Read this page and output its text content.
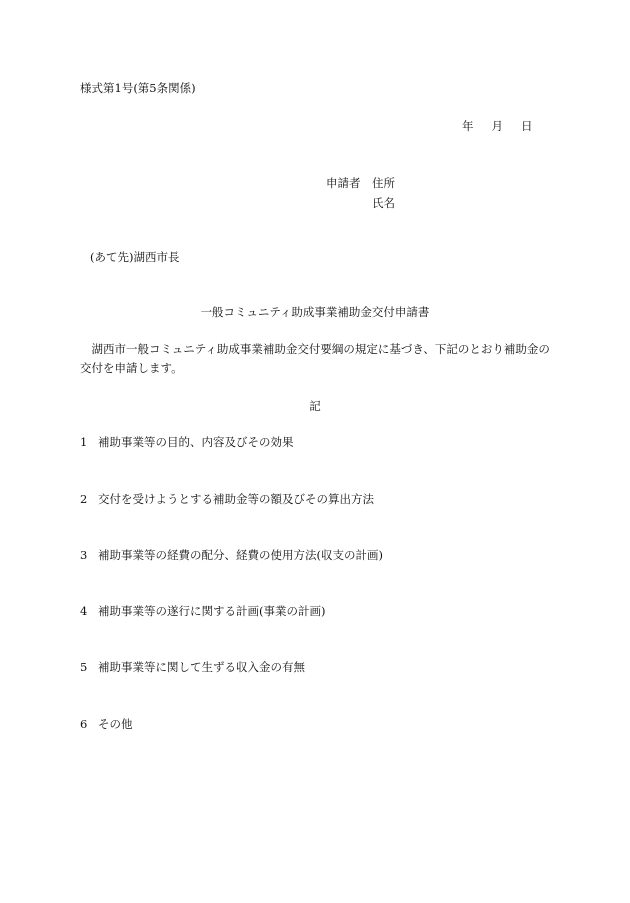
様式第1号(第5条関係)
年 月 日
申請者 住所
氏名
(あて先)湖西市長
一般コミュニティ助成事業補助金交付申請書
湖西市一般コミュニティ助成事業補助金交付要綱の規定に基づき、下記のとおり補助金の交付を申請します。
記
1 補助事業等の目的、内容及びその効果
2 交付を受けようとする補助金等の額及びその算出方法
3 補助事業等の経費の配分、経費の使用方法(収支の計画)
4 補助事業等の遂行に関する計画(事業の計画)
5 補助事業等に関して生ずる収入金の有無
6 その他
